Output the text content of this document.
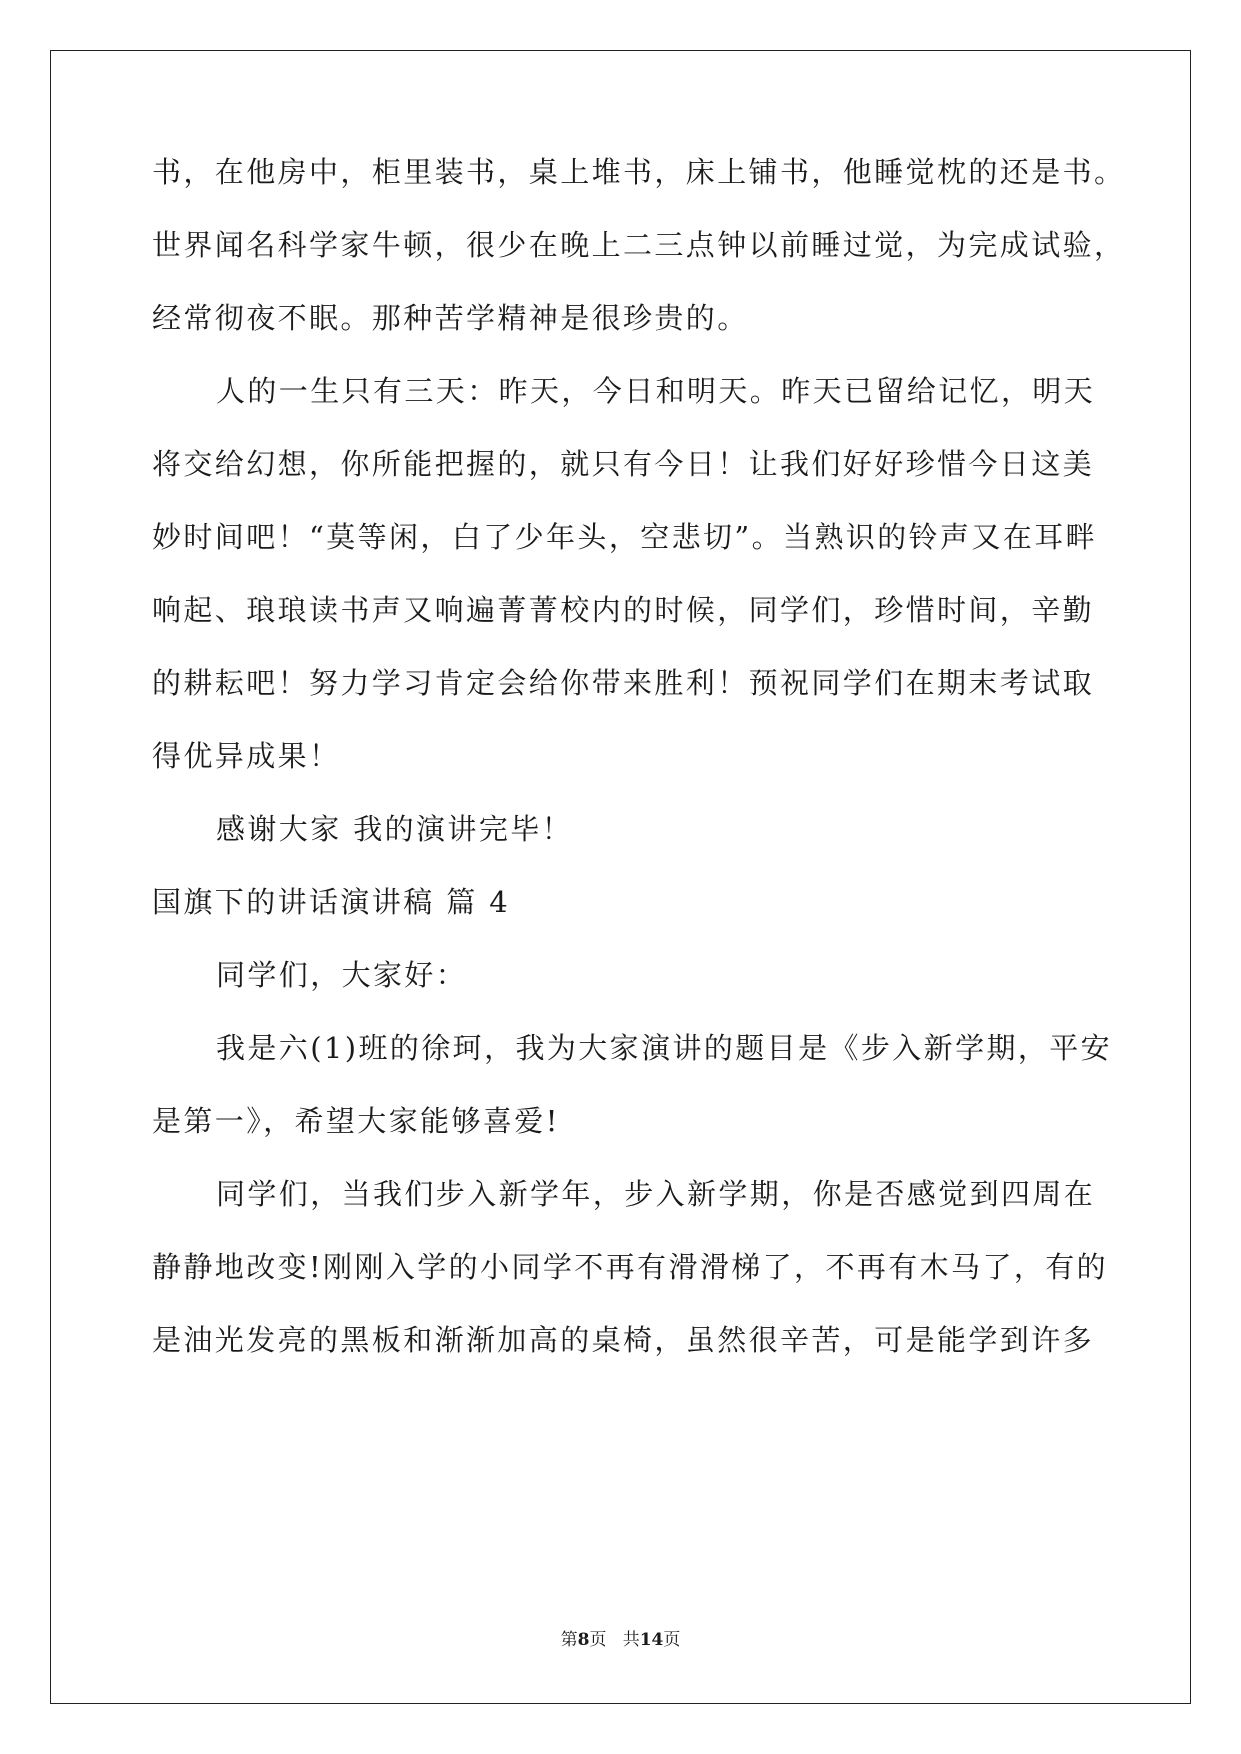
书，在他房中，柜里装书，桌上堆书，床上铺书，他睡觉枕的还是书。
世界闻名科学家牛顿，很少在晚上二三点钟以前睡过觉，为完成试验，
经常彻夜不眠。那种苦学精神是很珍贵的。
人的一生只有三天：昨天，今日和明天。昨天已留给记忆，明天
将交给幻想，你所能把握的，就只有今日！让我们好好珍惜今日这美
妙时间吧！“莫等闲，白了少年头，空悲切”。当熟识的铃声又在耳畔
响起、琅琅读书声又响遍菁菁校内的时候，同学们，珍惜时间，辛勤
的耕耘吧！努力学习肯定会给你带来胜利！预祝同学们在期末考试取
得优异成果！
感谢大家 我的演讲完毕！
国旗下的讲话演讲稿 篇 4
同学们，大家好：
我是六(1)班的徐珂，我为大家演讲的题目是《步入新学期，平安
是第一》，希望大家能够喜爱!
同学们，当我们步入新学年，步入新学期，你是否感觉到四周在
静静地改变!刚刚入学的小同学不再有滑滑梯了，不再有木马了，有的
是油光发亮的黑板和渐渐加高的桌椅，虽然很辛苦，可是能学到许多
第8页 共14页
